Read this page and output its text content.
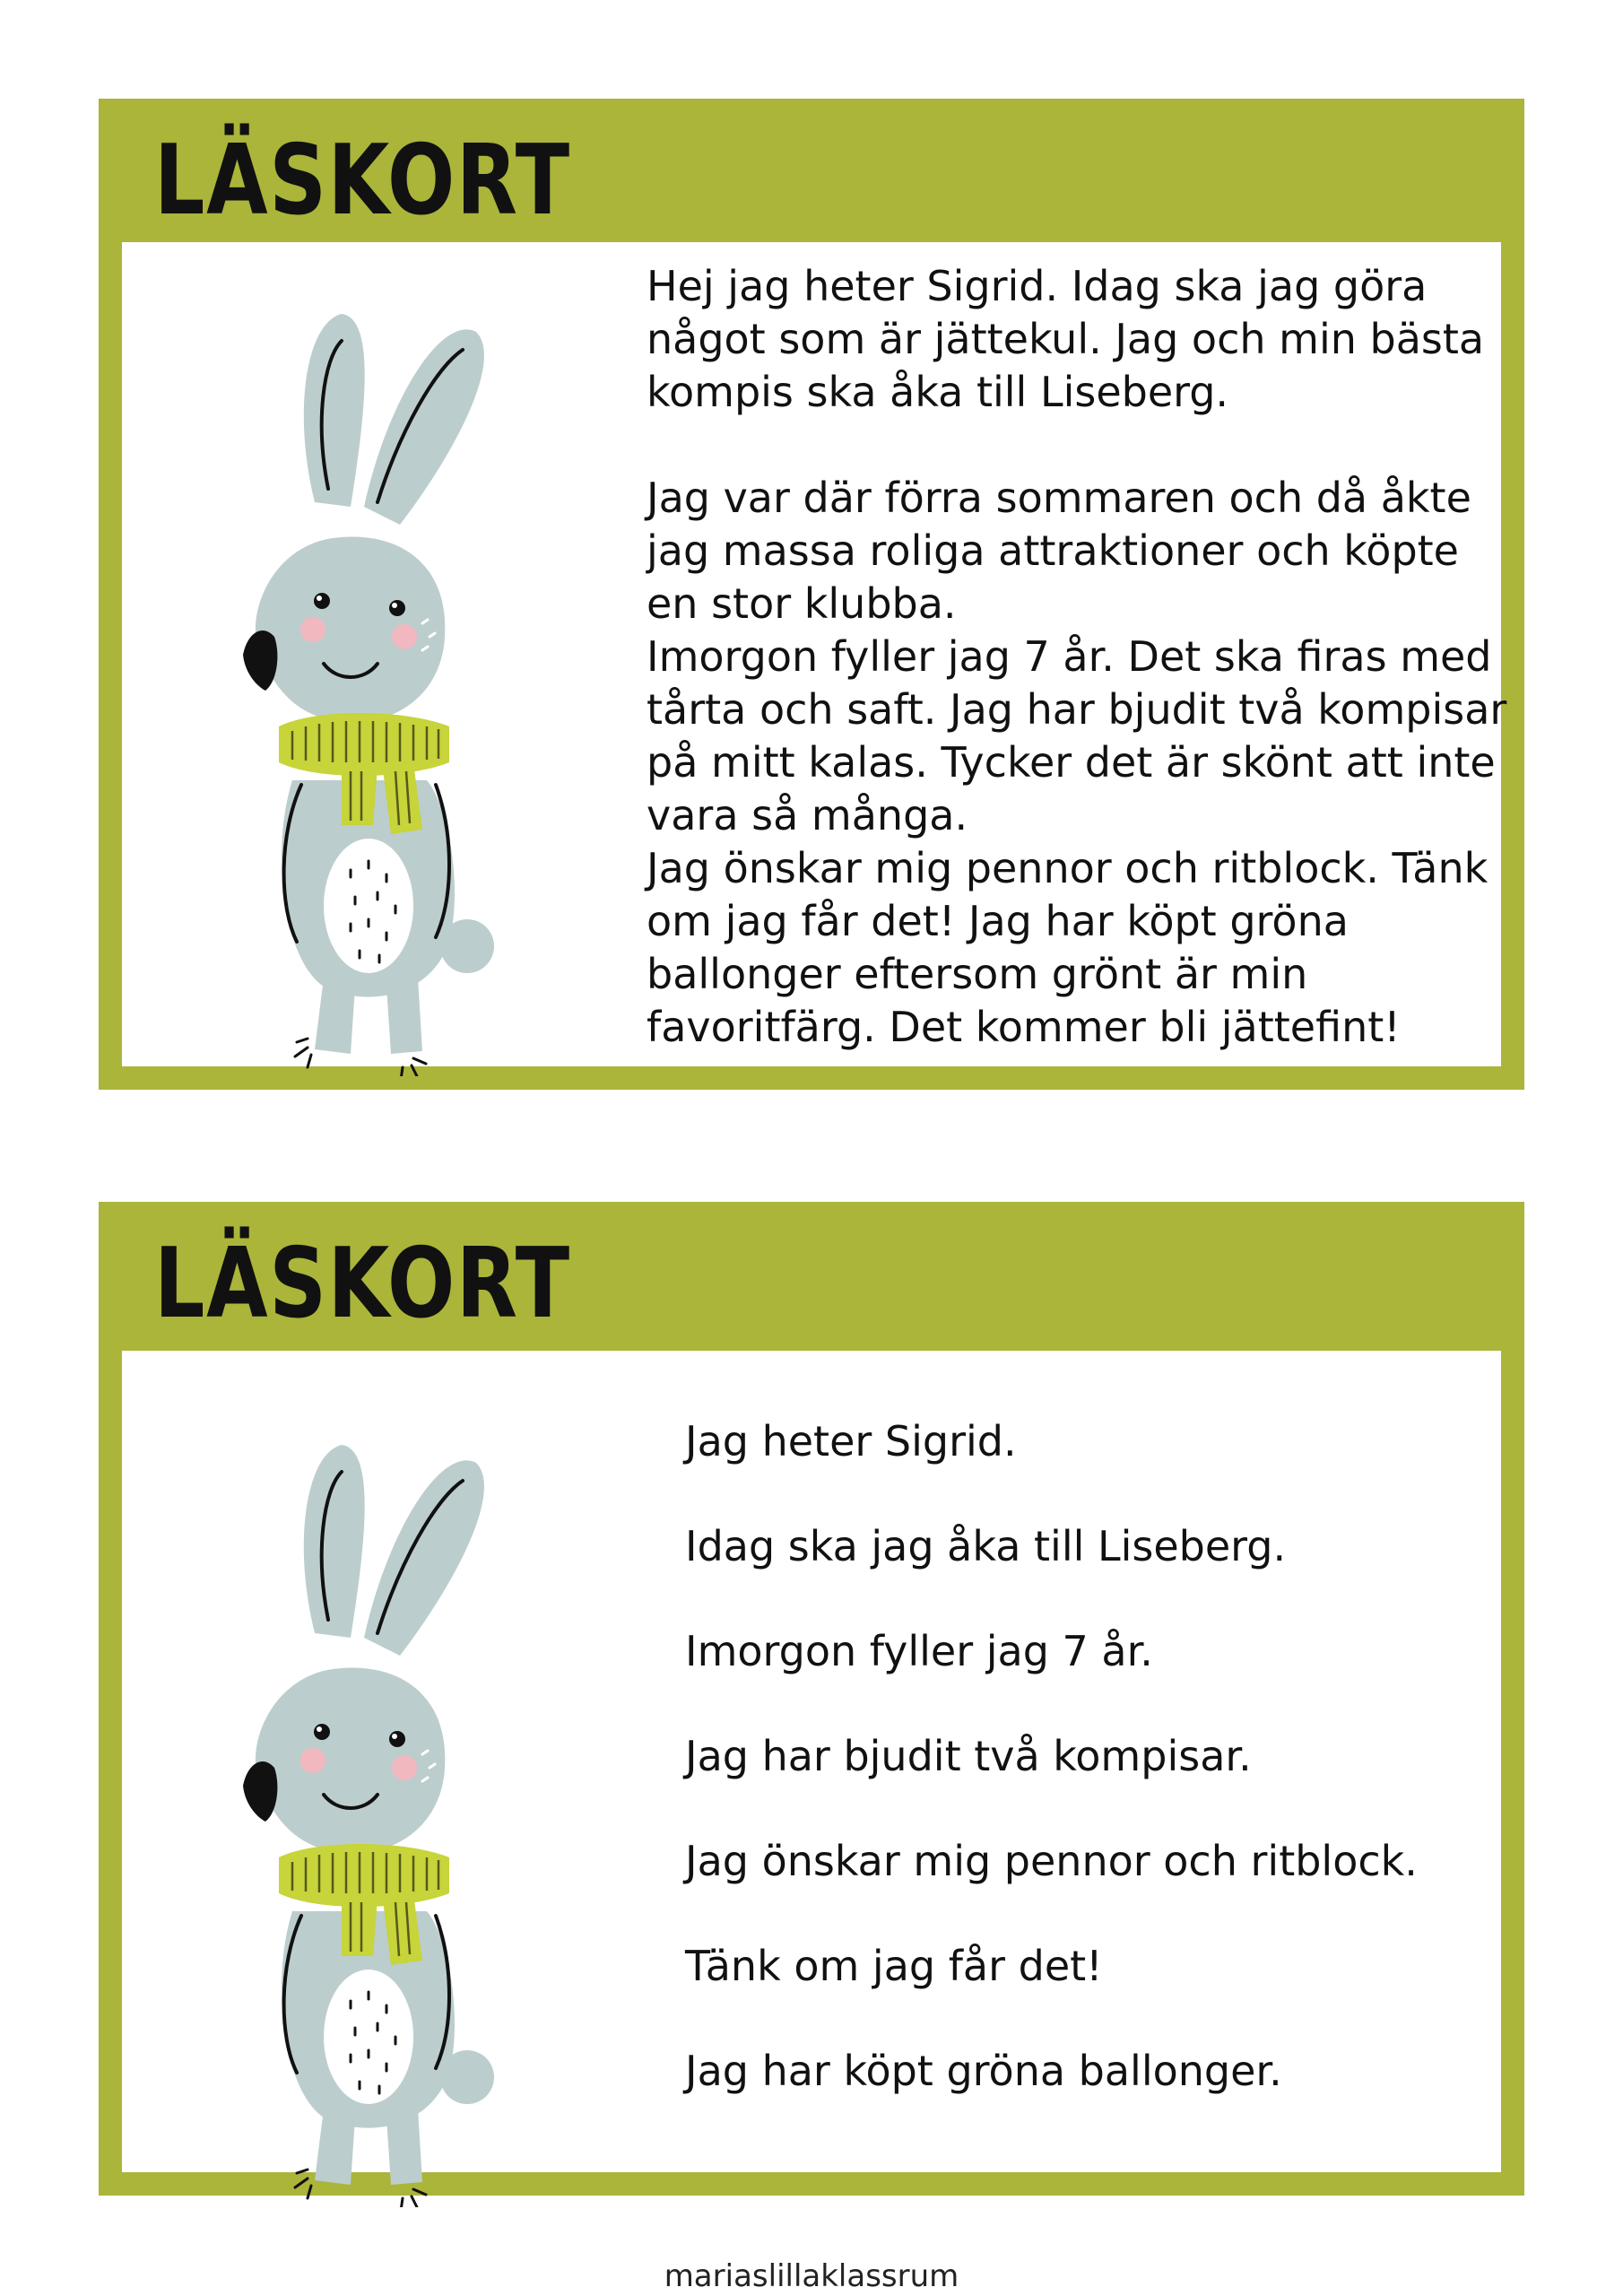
LÄSKORT

Hej jag heter Sigrid. Idag ska jag göra något som är jättekul. Jag och min bästa kompis ska åka till Liseberg.

Jag var där förra sommaren och då åkte jag massa roliga attraktioner och köpte en stor klubba.

Imorgon fyller jag 7 år. Det ska firas med tårta och saft. Jag har bjudit två kompisar på mitt kalas. Tycker det är skönt att inte vara så många.

Jag önskar mig pennor och ritblock. Tänk om jag får det! Jag har köpt gröna ballonger eftersom grönt är min favoritfärg. Det kommer bli jättefint!

LÄSKORT
Jag heter Sigrid.
Idag ska jag åka till Liseberg.
Imorgon fyller jag 7 år.
Jag har bjudit två kompisar.
Jag önskar mig pennor och ritblock.
Tänk om jag får det!
Jag har köpt gröna ballonger.
mariaslillaklassrum
